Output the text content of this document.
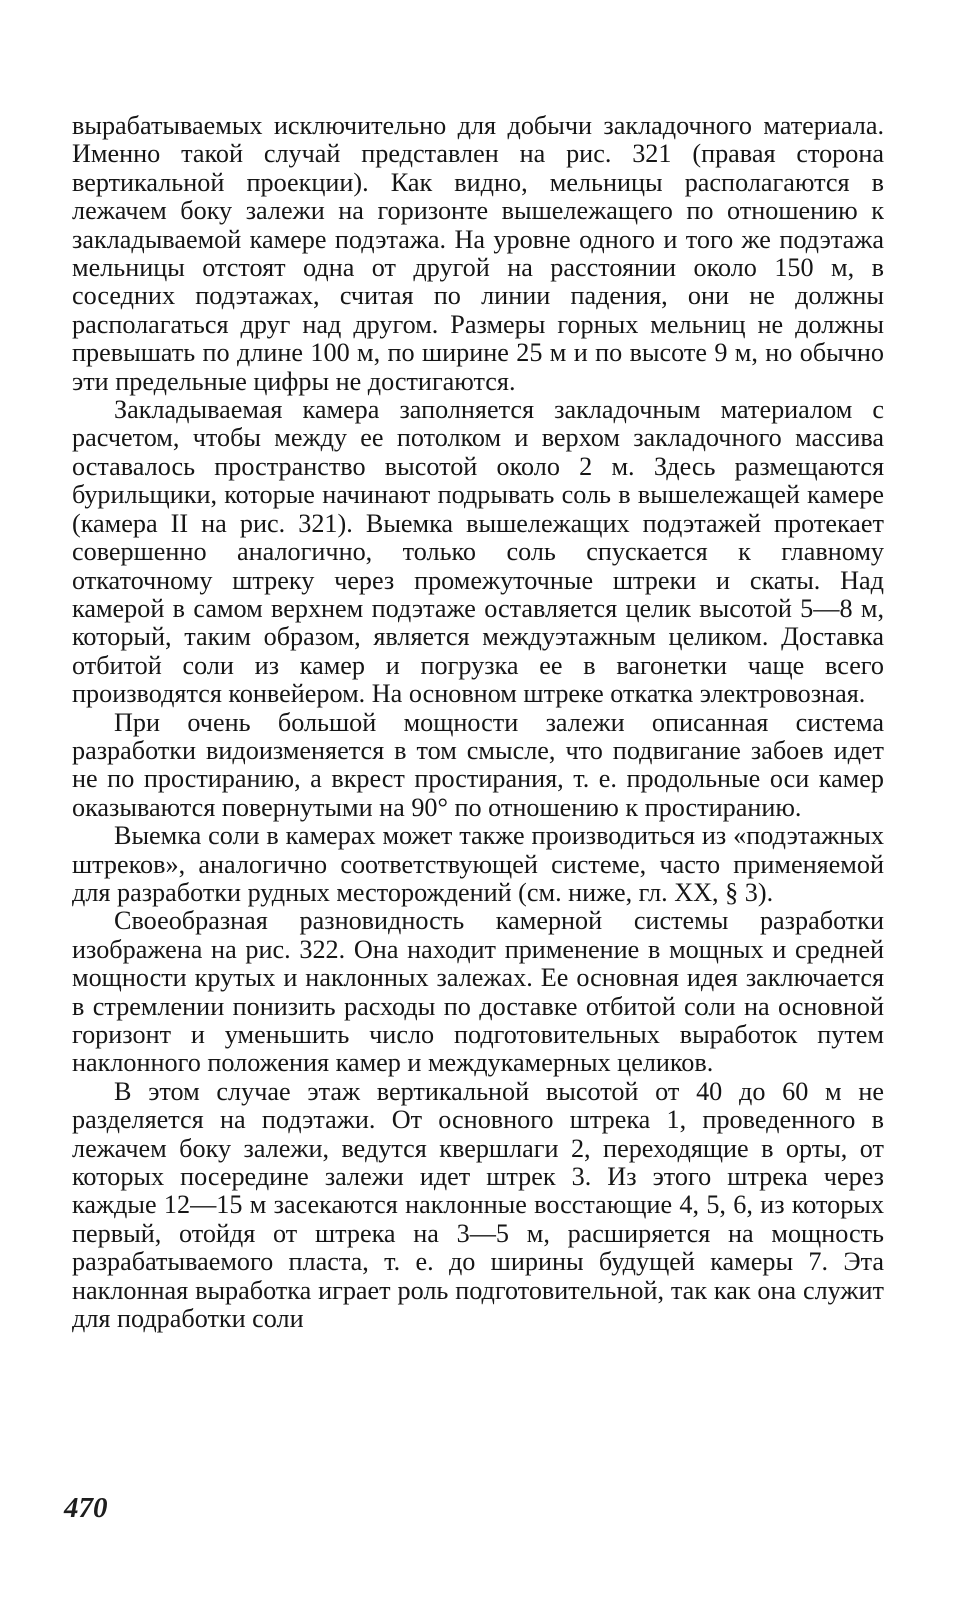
вырабатываемых исключительно для добычи закладочного материала. Именно такой случай представлен на рис. 321 (правая сторона вертикальной проекции). Как видно, мельницы располагаются в лежачем боку залежи на горизонте вышележащего по отношению к закладываемой камере подэтажа. На уровне одного и того же подэтажа мельницы отстоят одна от другой на расстоянии около 150 м, в соседних подэтажах, считая по линии падения, они не должны располагаться друг над другом. Размеры горных мельниц не должны превышать по длине 100 м, по ширине 25 м и по высоте 9 м, но обычно эти предельные цифры не достигаются.

Закладываемая камера заполняется закладочным материалом с расчетом, чтобы между ее потолком и верхом закладочного массива оставалось пространство высотой около 2 м. Здесь размещаются бурильщики, которые начинают подрывать соль в вышележащей камере (камера II на рис. 321). Выемка вышележащих подэтажей протекает совершенно аналогично, только соль спускается к главному откаточному штреку через промежуточные штреки и скаты. Над камерой в самом верхнем подэтаже оставляется целик высотой 5—8 м, который, таким образом, является междуэтажным целиком. Доставка отбитой соли из камер и погрузка ее в вагонетки чаще всего производятся конвейером. На основном штреке откатка электровозная.

При очень большой мощности залежи описанная система разработки видоизменяется в том смысле, что подвигание забоев идет не по простиранию, а вкрест простирания, т. е. продольные оси камер оказываются повернутыми на 90° по отношению к простиранию.

Выемка соли в камерах может также производиться из «подэтажных штреков», аналогично соответствующей системе, часто применяемой для разработки рудных месторождений (см. ниже, гл. XX, § 3).

Своеобразная разновидность камерной системы разработки изображена на рис. 322. Она находит применение в мощных и средней мощности крутых и наклонных залежах. Ее основная идея заключается в стремлении понизить расходы по доставке отбитой соли на основной горизонт и уменьшить число подготовительных выработок путем наклонного положения камер и междукамерных целиков.

В этом случае этаж вертикальной высотой от 40 до 60 м не разделяется на подэтажи. От основного штрека 1, проведенного в лежачем боку залежи, ведутся квершлаги 2, переходящие в орты, от которых посередине залежи идет штрек 3. Из этого штрека через каждые 12—15 м засекаются наклонные восстающие 4, 5, 6, из которых первый, отойдя от штрека на 3—5 м, расширяется на мощность разрабатываемого пласта, т. е. до ширины будущей камеры 7. Эта наклонная выработка играет роль подготовительной, так как она служит для подработки соли

470
